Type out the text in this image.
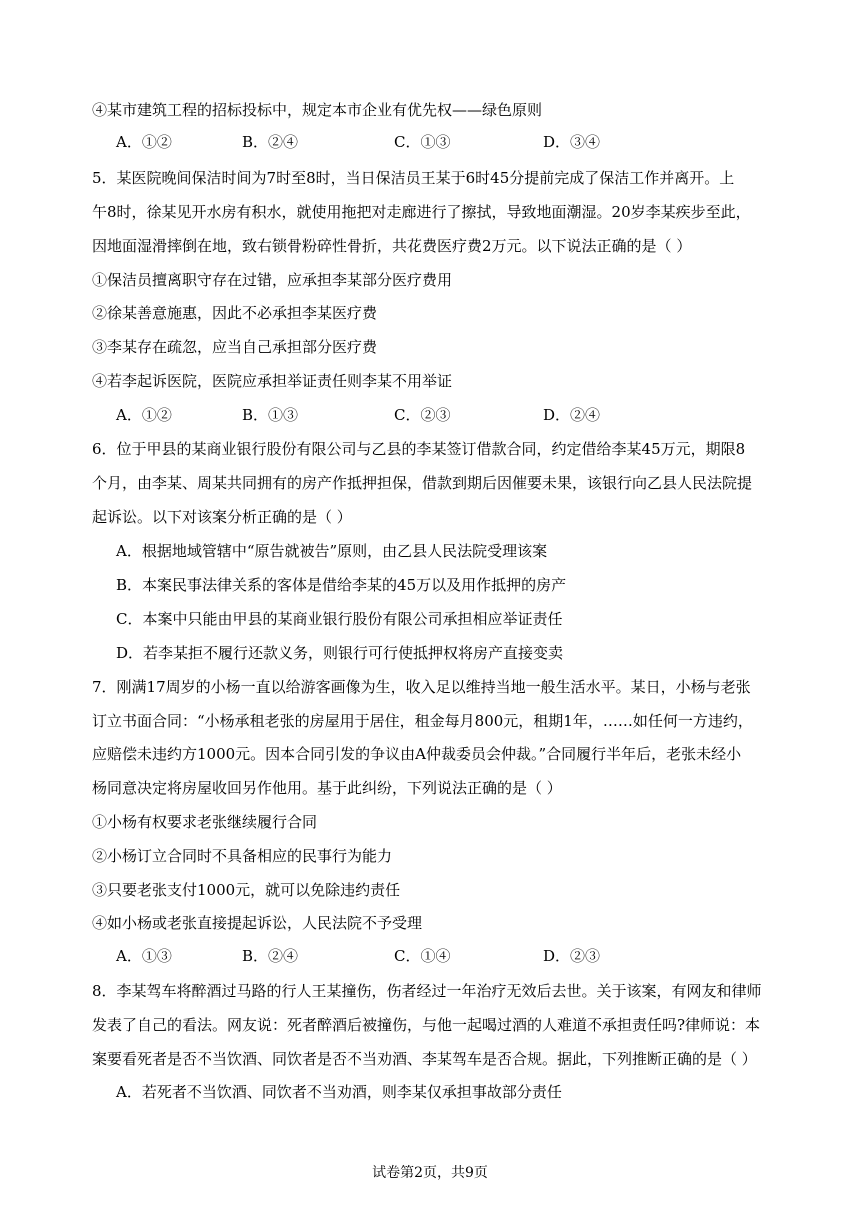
④某市建筑工程的招标投标中，规定本市企业有优先权——绿色原则
A．①②	B．②④	C．①③	D．③④
5．某医院晚间保洁时间为7时至8时，当日保洁员王某于6时45分提前完成了保洁工作并离开。上
午8时，徐某见开水房有积水，就使用拖把对走廊进行了擦拭，导致地面潮湿。20岁李某疾步至此，
因地面湿滑摔倒在地，致右锁骨粉碎性骨折，共花费医疗费2万元。以下说法正确的是（ ）
①保洁员擅离职守存在过错，应承担李某部分医疗费用
②徐某善意施惠，因此不必承担李某医疗费
③李某存在疏忽，应当自己承担部分医疗费
④若李起诉医院，医院应承担举证责任则李某不用举证
A．①②	B．①③	C．②③	D．②④
6．位于甲县的某商业银行股份有限公司与乙县的李某签订借款合同，约定借给李某45万元，期限8
个月，由李某、周某共同拥有的房产作抵押担保，借款到期后因催要未果，该银行向乙县人民法院提
起诉讼。以下对该案分析正确的是（ ）
A．根据地域管辖中“原告就被告”原则，由乙县人民法院受理该案
B．本案民事法律关系的客体是借给李某的45万以及用作抵押的房产
C．本案中只能由甲县的某商业银行股份有限公司承担相应举证责任
D．若李某拒不履行还款义务，则银行可行使抵押权将房产直接变卖
7．刚满17周岁的小杨一直以给游客画像为生，收入足以维持当地一般生活水平。某日，小杨与老张
订立书面合同：“小杨承租老张的房屋用于居住，租金每月800元，租期1年，……如任何一方违约，
应赔偿未违约方1000元。因本合同引发的争议由A仲裁委员会仲裁。”合同履行半年后，老张未经小
杨同意决定将房屋收回另作他用。基于此纠纷，下列说法正确的是（ ）
①小杨有权要求老张继续履行合同
②小杨订立合同时不具备相应的民事行为能力
③只要老张支付1000元，就可以免除违约责任
④如小杨或老张直接提起诉讼，人民法院不予受理
A．①③	B．②④	C．①④	D．②③
8．李某驾车将醉酒过马路的行人王某撞伤，伤者经过一年治疗无效后去世。关于该案，有网友和律师
发表了自己的看法。网友说：死者醉酒后被撞伤，与他一起喝过酒的人难道不承担责任吗?律师说：本
案要看死者是否不当饮酒、同饮者是否不当劝酒、李某驾车是否合规。据此，下列推断正确的是（ ）
A．若死者不当饮酒、同饮者不当劝酒，则李某仅承担事故部分责任
试卷第2页，共9页
